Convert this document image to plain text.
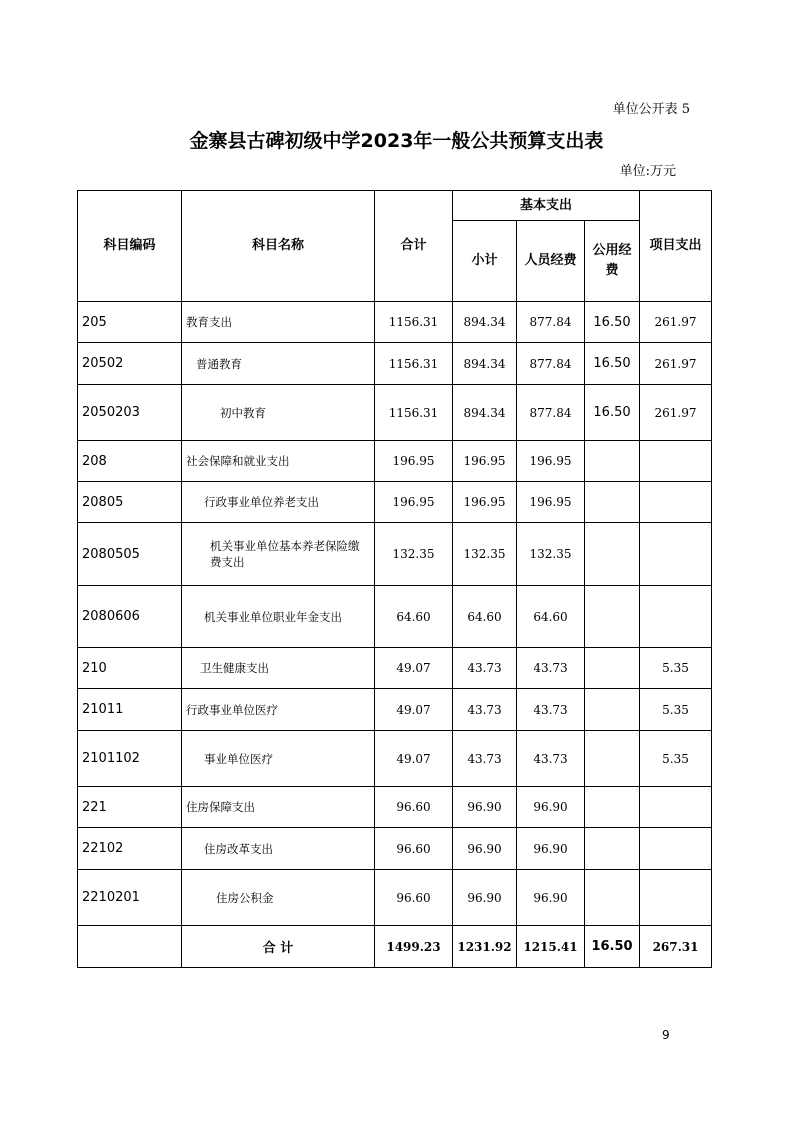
单位公开表 5
金寨县古碑初级中学2023年一般公共预算支出表
单位:万元
科目编码	科目名称	合计	基本支出			项目支出
			小计	人员经费	公用经费	
205	教育支出	1156.31	894.34	877.84	16.50	261.97
20502	普通教育	1156.31	894.34	877.84	16.50	261.97
2050203	初中教育	1156.31	894.34	877.84	16.50	261.97
208	社会保障和就业支出	196.95	196.95	196.95		
20805	行政事业单位养老支出	196.95	196.95	196.95		
2080505	机关事业单位基本养老保险缴费支出	132.35	132.35	132.35		
2080606	机关事业单位职业年金支出	64.60	64.60	64.60		
210	卫生健康支出	49.07	43.73	43.73		5.35
21011	行政事业单位医疗	49.07	43.73	43.73		5.35
2101102	事业单位医疗	49.07	43.73	43.73		5.35
221	住房保障支出	96.60	96.90	96.90		
22102	住房改革支出	96.60	96.90	96.90		
2210201	住房公积金	96.60	96.90	96.90		
	合 计	1499.23	1231.92	1215.41	16.50	267.31
9
